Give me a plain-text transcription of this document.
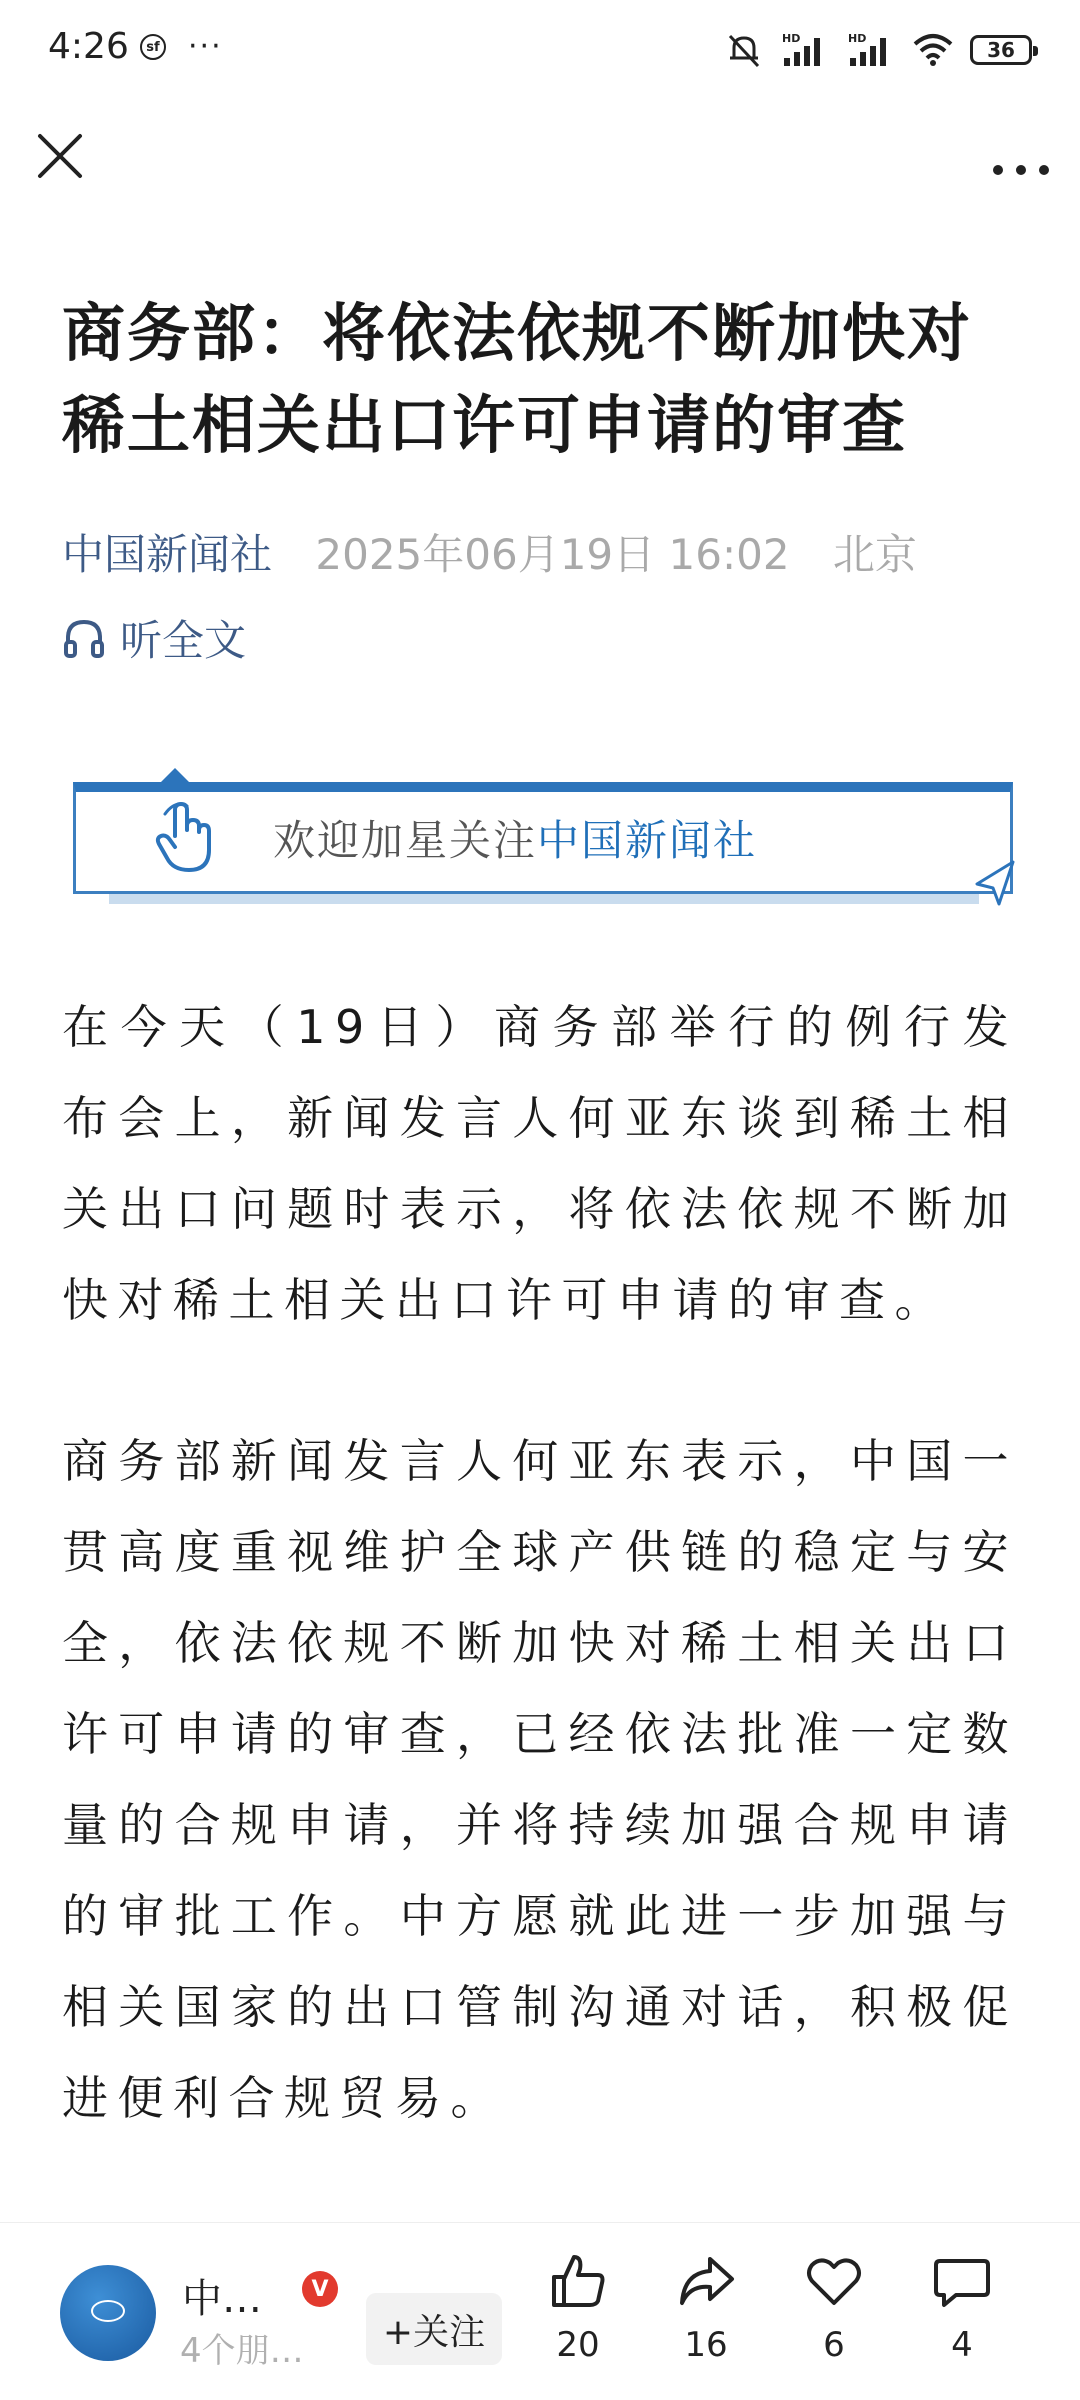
4:26	sf ···	HD	HD	36
商务部：将依法依规不断加快对稀土相关出口许可申请的审查
中国新闻社 2025年06月19日 16:02 北京
听全文
欢迎加星关注中国新闻社
在今天（19日）商务部举行的例行发布会上，新闻发言人何亚东谈到稀土相关出口问题时表示，将依法依规不断加快对稀土相关出口许可申请的审查。
商务部新闻发言人何亚东表示，中国一贯高度重视维护全球产供链的稳定与安全，依法依规不断加快对稀土相关出口许可申请的审查，已经依法批准一定数量的合规申请，并将持续加强合规申请的审批工作。中方愿就此进一步加强与相关国家的出口管制沟通对话，积极促进便利合规贸易。
中…	V
4个朋…	+关注	20	16	6	4
